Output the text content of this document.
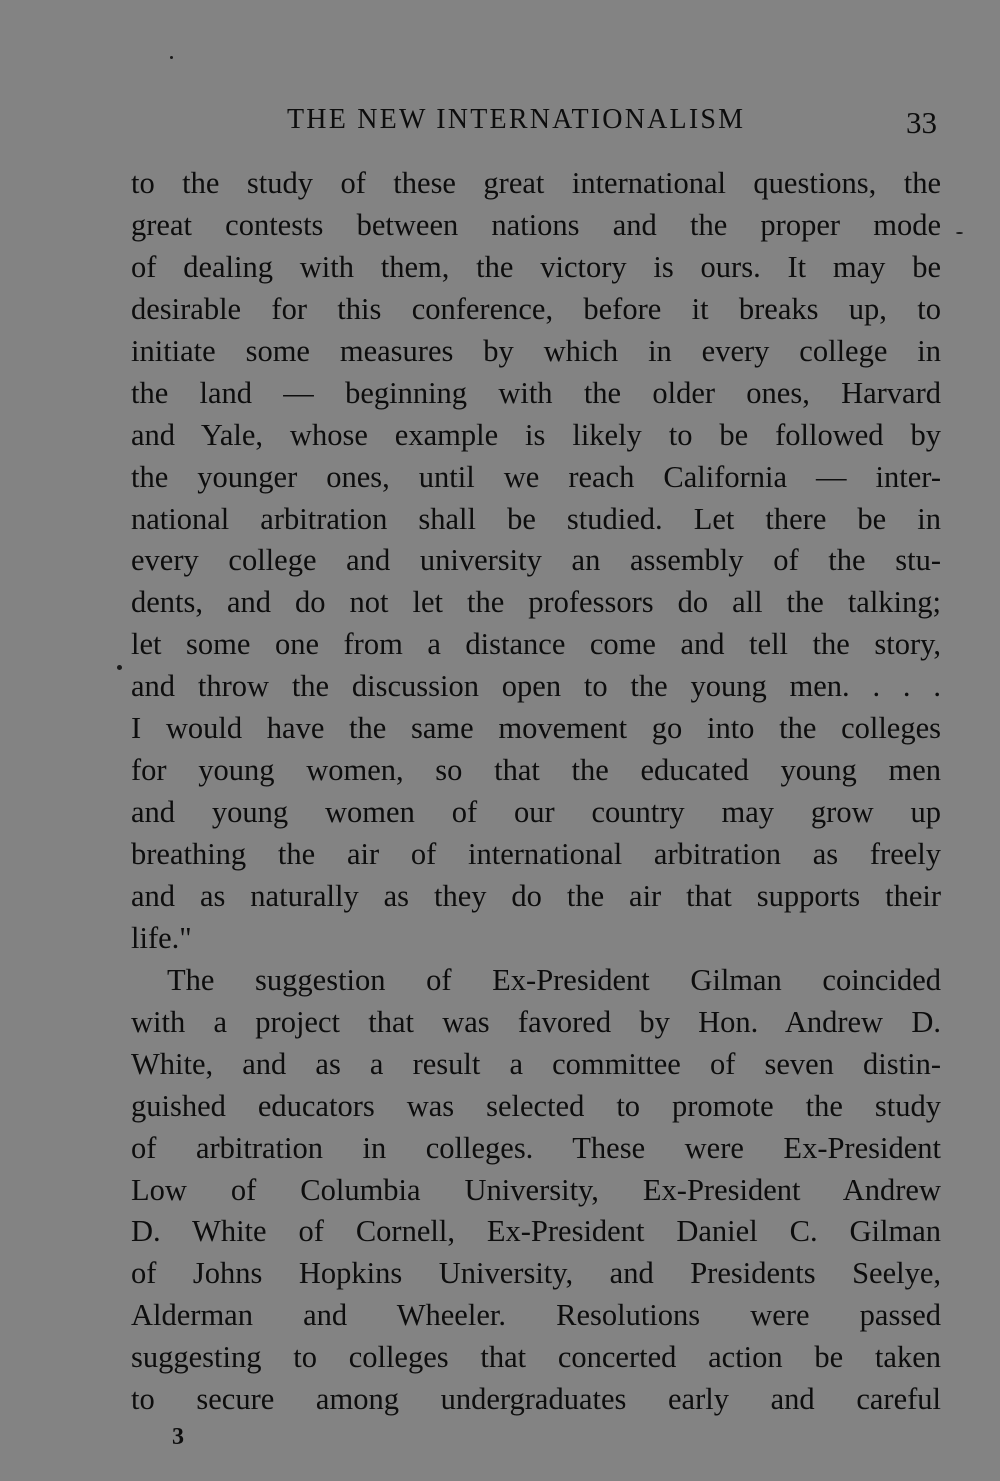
THE NEW INTERNATIONALISM	33
to the study of these great international questions, the
great contests between nations and the proper mode
of dealing with them, the victory is ours. It may be
desirable for this conference, before it breaks up, to
initiate some measures by which in every college in
the land — beginning with the older ones, Harvard
and Yale, whose example is likely to be followed by
the younger ones, until we reach California — inter-
national arbitration shall be studied. Let there be in
every college and university an assembly of the stu-
dents, and do not let the professors do all the talking;
let some one from a distance come and tell the story,
and throw the discussion open to the young men. . . .
I would have the same movement go into the colleges
for young women, so that the educated young men
and young women of our country may grow up
breathing the air of international arbitration as freely
and as naturally as they do the air that supports their
life."
The suggestion of Ex-President Gilman coincided
with a project that was favored by Hon. Andrew D.
White, and as a result a committee of seven distin-
guished educators was selected to promote the study
of arbitration in colleges. These were Ex-President
Low of Columbia University, Ex-President Andrew
D. White of Cornell, Ex-President Daniel C. Gilman
of Johns Hopkins University, and Presidents Seelye,
Alderman and Wheeler. Resolutions were passed
suggesting to colleges that concerted action be taken
to secure among undergraduates early and careful
3
